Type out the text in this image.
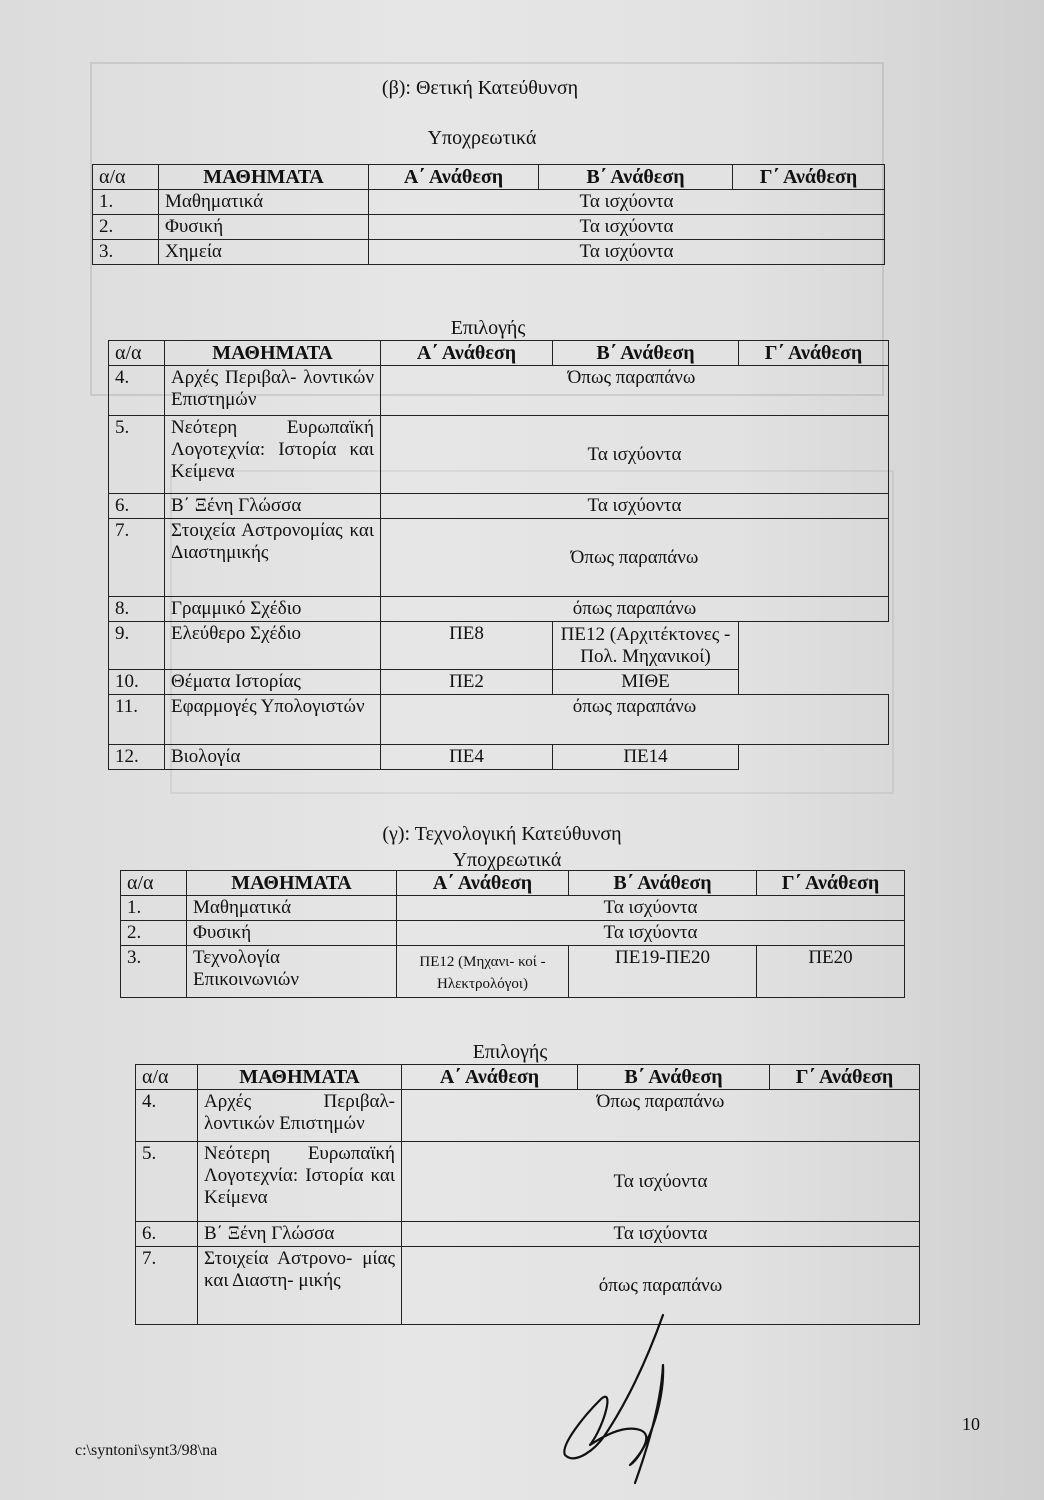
(β): Θετική Κατεύθυνση
Υποχρεωτικά
α/α	ΜΑΘΗΜΑΤΑ	Α΄ Ανάθεση	Β΄ Ανάθεση	Γ΄ Ανάθεση
1.	Μαθηματικά	Τα ισχύοντα		
2.	Φυσική	Τα ισχύοντα		
3.	Χημεία	Τα ισχύοντα		
Επιλογής
α/α	ΜΑΘΗΜΑΤΑ	Α΄ Ανάθεση	Β΄ Ανάθεση	Γ΄ Ανάθεση
4.	Αρχές Περιβαλ- λοντικών Επιστημών	Όπως παραπάνω		
5.	Νεότερη Ευρωπαϊκή Λογοτεχνία: Ιστορία και Κείμενα	Τα ισχύοντα		
6.	Β΄ Ξένη Γλώσσα	Τα ισχύοντα		
7.	Στοιχεία Αστρονομίας και Διαστημικής	Όπως παραπάνω		
8.	Γραμμικό Σχέδιο	όπως παραπάνω		
9.	Ελεύθερο Σχέδιο	ΠΕ8	ΠΕ12 (Αρχιτέκτονες - Πολ. Μηχανικοί)	
10.	Θέματα Ιστορίας	ΠΕ2	ΜΙΘΕ	
11.	Εφαρμογές Υπολογιστών	όπως παραπάνω		
12.	Βιολογία	ΠΕ4	ΠΕ14	
(γ): Τεχνολογική Κατεύθυνση
Υποχρεωτικά
α/α	ΜΑΘΗΜΑΤΑ	Α΄ Ανάθεση	Β΄ Ανάθεση	Γ΄ Ανάθεση
1.	Μαθηματικά	Τα ισχύοντα		
2.	Φυσική	Τα ισχύοντα		
3.	Τεχνολογία Επικοινωνιών	ΠΕ12 (Μηχανι- κοί - Ηλεκτρολόγοι)	ΠΕ19-ΠΕ20	ΠΕ20
Επιλογής
α/α	ΜΑΘΗΜΑΤΑ	Α΄ Ανάθεση	Β΄ Ανάθεση	Γ΄ Ανάθεση
4.	Αρχές Περιβαλ- λοντικών Επιστημών	Όπως παραπάνω		
5.	Νεότερη Ευρωπαϊκή Λογοτεχνία: Ιστορία και Κείμενα	Τα ισχύοντα		
6.	Β΄ Ξένη Γλώσσα	Τα ισχύοντα		
7.	Στοιχεία Αστρονο- μίας και Διαστη- μικής	όπως παραπάνω		
10
c:\syntoni\synt3/98\na
